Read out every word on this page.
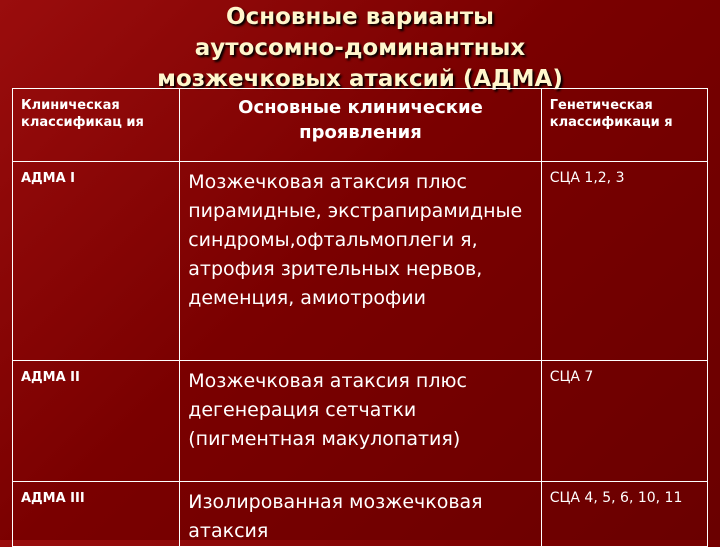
Основные варианты
аутосомно-доминантных
мозжечковых атаксий (АДМА)
Клиническая классификац ия	Основные клинические проявления	Генетическая классификаци я

АДМА I	Мозжечковая атаксия плюс пирамидные, экстрапирамидные синдромы,офтальмоплеги я, атрофия зрительных нервов, деменция, амиотрофии	СЦА 1,2, 3

АДМА II	Мозжечковая атаксия плюс дегенерация сетчатки (пигментная макулопатия)	СЦА 7

АДМА III	Изолированная мозжечковая атаксия	СЦА 4, 5, 6, 10, 11
